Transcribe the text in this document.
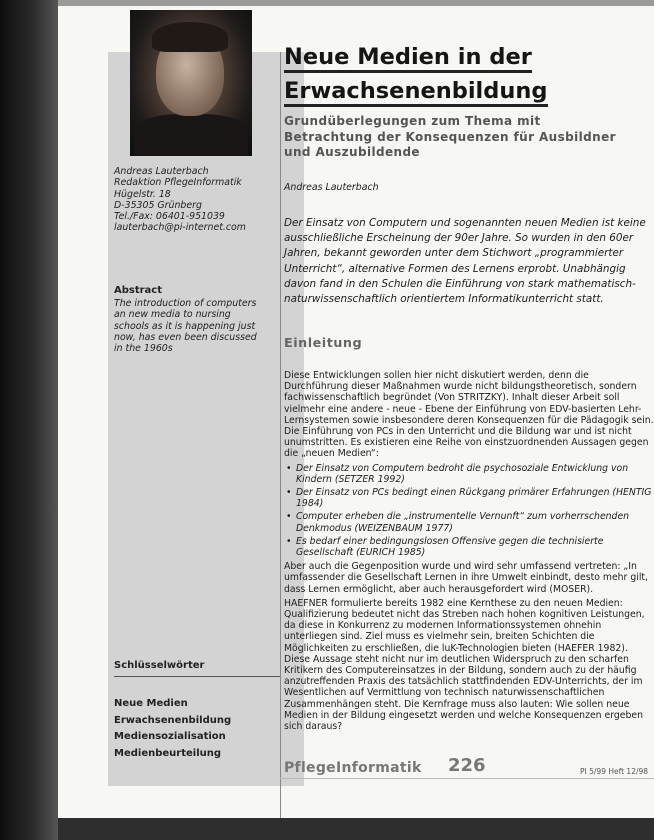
Andreas Lauterbach
Redaktion PflegeInformatik
Hügelstr. 18
D-35305 Grünberg
Tel./Fax: 06401-951039
lauterbach@pi-internet.com
Abstract
The introduction of computers an new media to nursing schools as it is happening just now, has even been discussed in the 1960s
Schlüsselwörter
Neue Medien
Erwachsenenbildung
Mediensozialisation
Medienbeurteilung
Neue Medien in der
Erwachsenenbildung
Grundüberlegungen zum Thema mit
Betrachtung der Konsequenzen für Ausbildner
und Auszubildende
Andreas Lauterbach
Der Einsatz von Computern und sogenannten neuen Medien ist keine ausschließliche Erscheinung der 90er Jahre. So wurden in den 60er Jahren, bekannt geworden unter dem Stichwort „programmierter Unterricht“, alternative Formen des Lernens erprobt. Unabhängig davon fand in den Schulen die Einführung von stark mathematisch-naturwissenschaftlich orientiertem Informatikunterricht statt.
Einleitung

Diese Entwicklungen sollen hier nicht diskutiert werden, denn die Durchführung dieser Maßnahmen wurde nicht bildungstheoretisch, sondern fachwissenschaftlich begründet (Von STRITZKY). Inhalt dieser Arbeit soll vielmehr eine andere - neue - Ebene der Einführung von EDV-basierten Lehr-Lernsystemen sowie insbesondere deren Konsequenzen für die Pädagogik sein. Die Einführung von PCs in den Unterricht und die Bildung war und ist nicht unumstritten. Es existieren eine Reihe von einstzuordnenden Aussagen gegen die „neuen Medien“:

• Der Einsatz von Computern bedroht die psychosoziale Entwicklung von Kindern (SETZER 1992)
• Der Einsatz von PCs bedingt einen Rückgang primärer Erfahrungen (HENTIG 1984)
• Computer erheben die „instrumentelle Vernunft“ zum vorherrschenden Denkmodus (WEIZENBAUM 1977)
• Es bedarf einer bedingungslosen Offensive gegen die technisierte Gesellschaft (EURICH 1985)

Aber auch die Gegenposition wurde und wird sehr umfassend vertreten: „In umfassender die Gesellschaft Lernen in ihre Umwelt einbindt, desto mehr gilt, dass Lernen ermöglicht, aber auch herausgefordert wird (MOSER).

HAEFNER formulierte bereits 1982 eine Kernthese zu den neuen Medien: Qualifizierung bedeutet nicht das Streben nach hohen kognitiven Leistungen, da diese in Konkurrenz zu modernen Informationssystemen ohnehin unterliegen sind. Ziel muss es vielmehr sein, breiten Schichten die Möglichkeiten zu erschließen, die luK-Technologien bieten (HAEFER 1982). Diese Aussage steht nicht nur im deutlichen Widerspruch zu den scharfen Kritikern des Computereinsatzes in der Bildung, sondern auch zu der häufig anzutreffenden Praxis des tatsächlich stattfindenden EDV-Unterrichts, der im Wesentlichen auf Vermittlung von technisch naturwissenschaftlichen Zusammenhängen steht. Die Kernfrage muss also lauten: Wie sollen neue Medien in der Bildung eingesetzt werden und welche Konsequenzen ergeben sich daraus?

PflegeInformatik 226	PI 5/99 Heft 12/98
